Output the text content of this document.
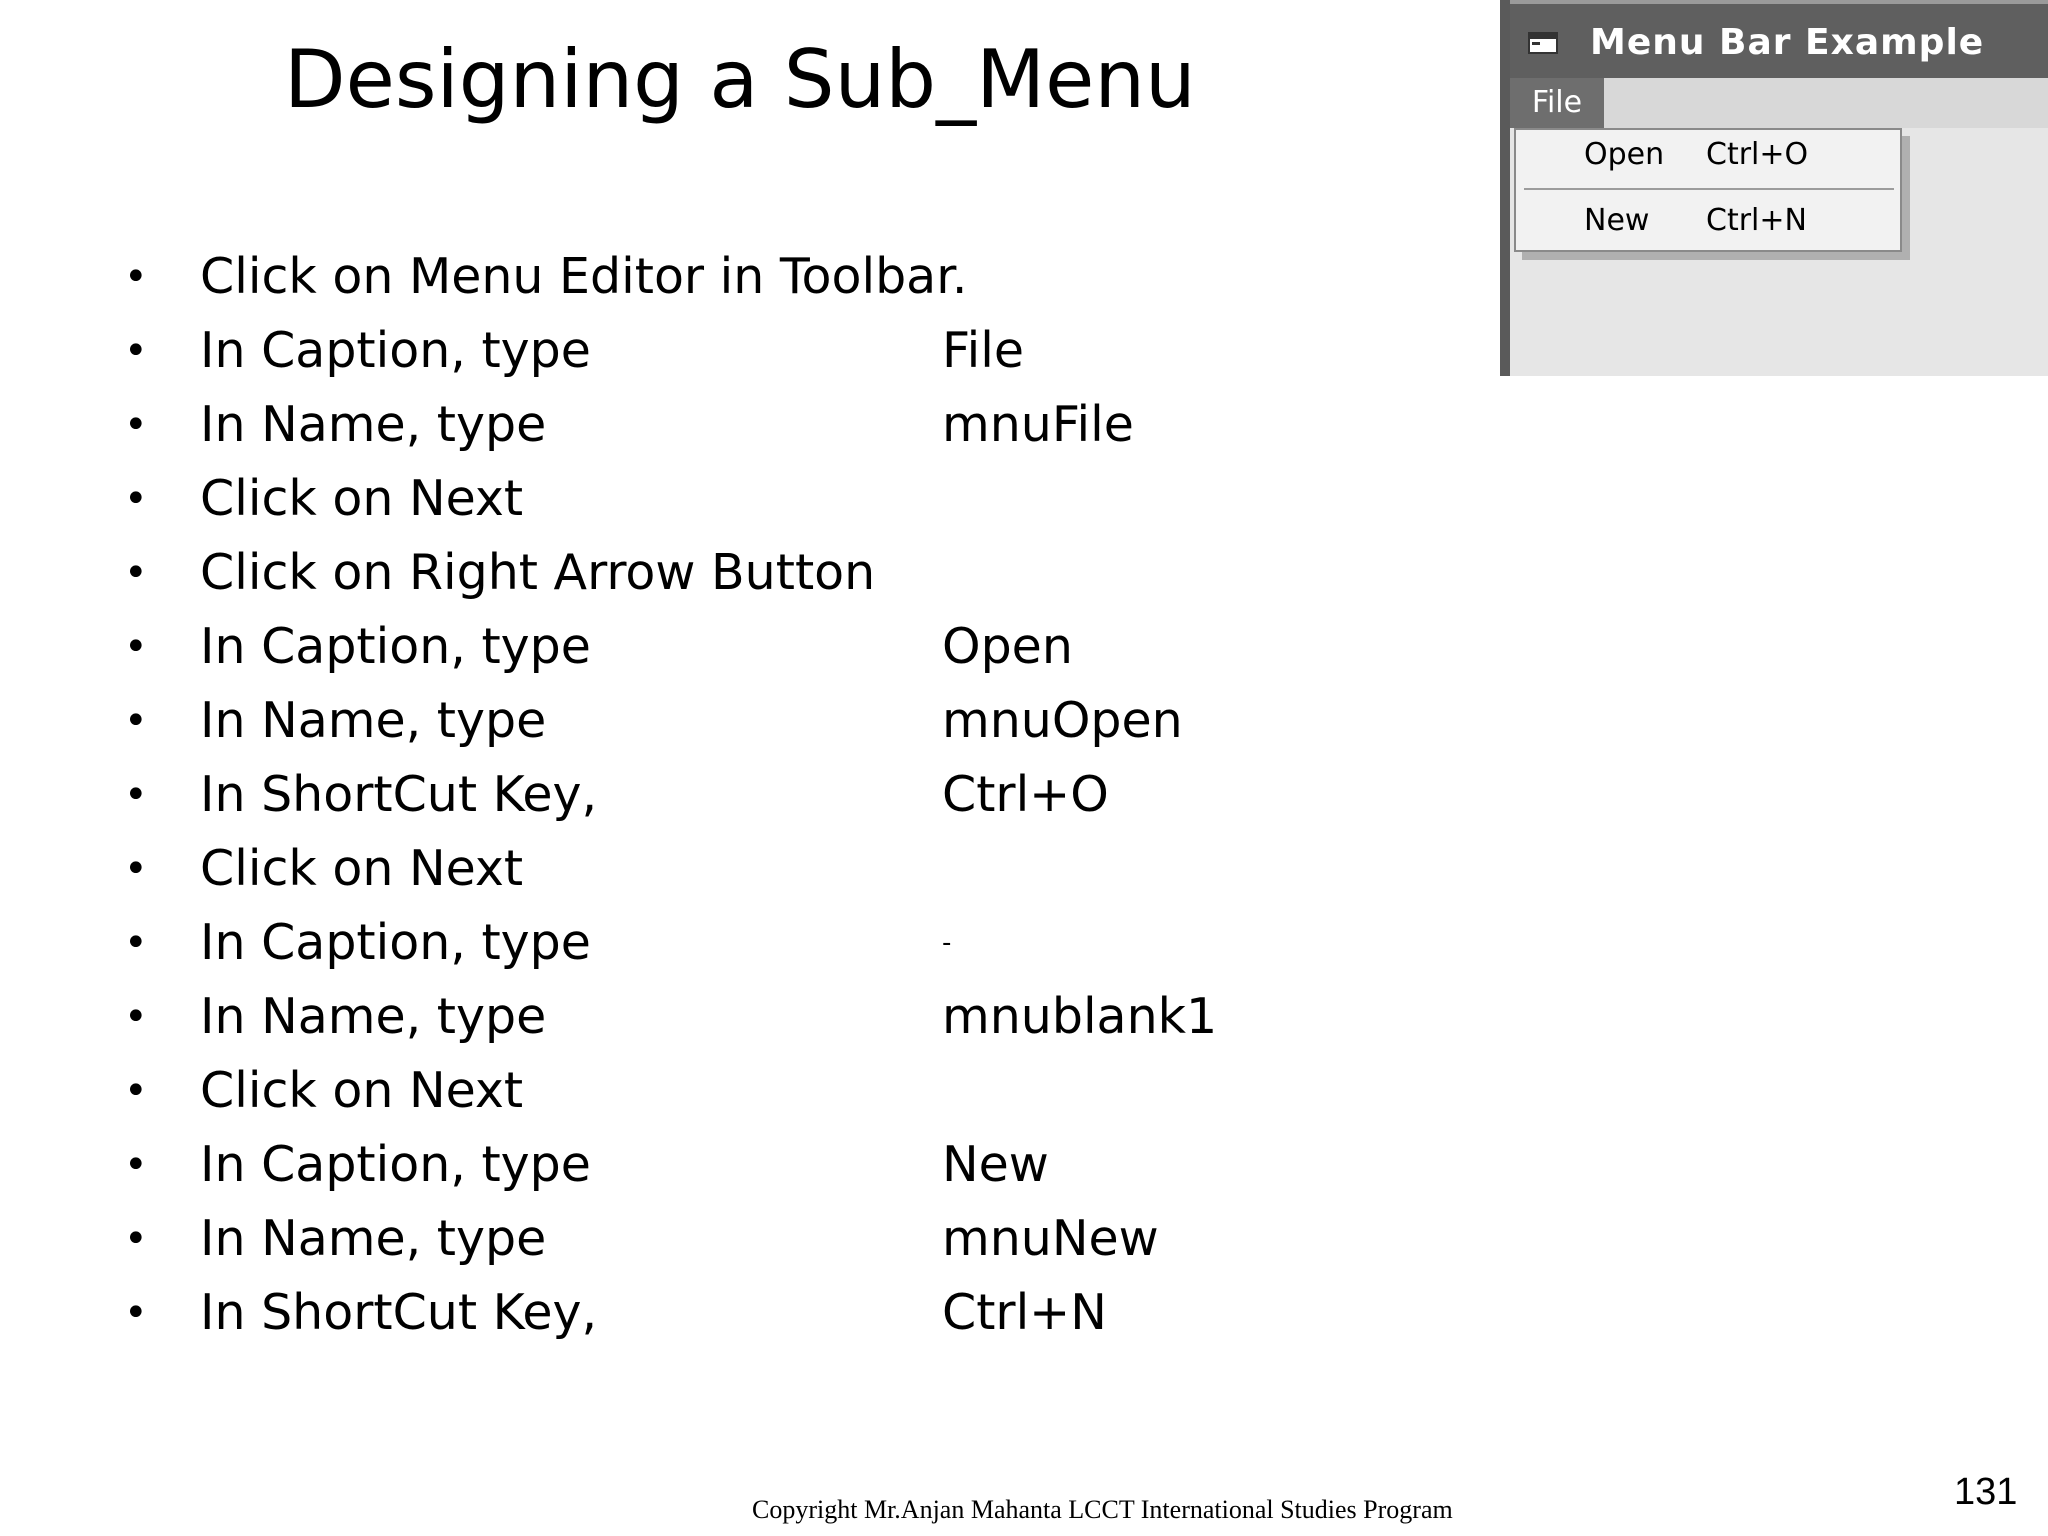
Designing a Sub_Menu
• Click on Menu Editor in Toolbar.
• In Caption, type	File
• In Name, type	mnuFile
• Click on Next
• Click on Right Arrow Button
• In Caption, type	Open
• In Name, type	mnuOpen
• In ShortCut Key,	Ctrl+O
• Click on Next
• In Caption, type	-
• In Name, type	mnublank1
• Click on Next
• In Caption, type	New
• In Name, type	mnuNew
• In ShortCut Key,	Ctrl+N
Menu Bar Example
File
Open Ctrl+O
New Ctrl+N
Copyright Mr.Anjan Mahanta LCCT International Studies Program	131
